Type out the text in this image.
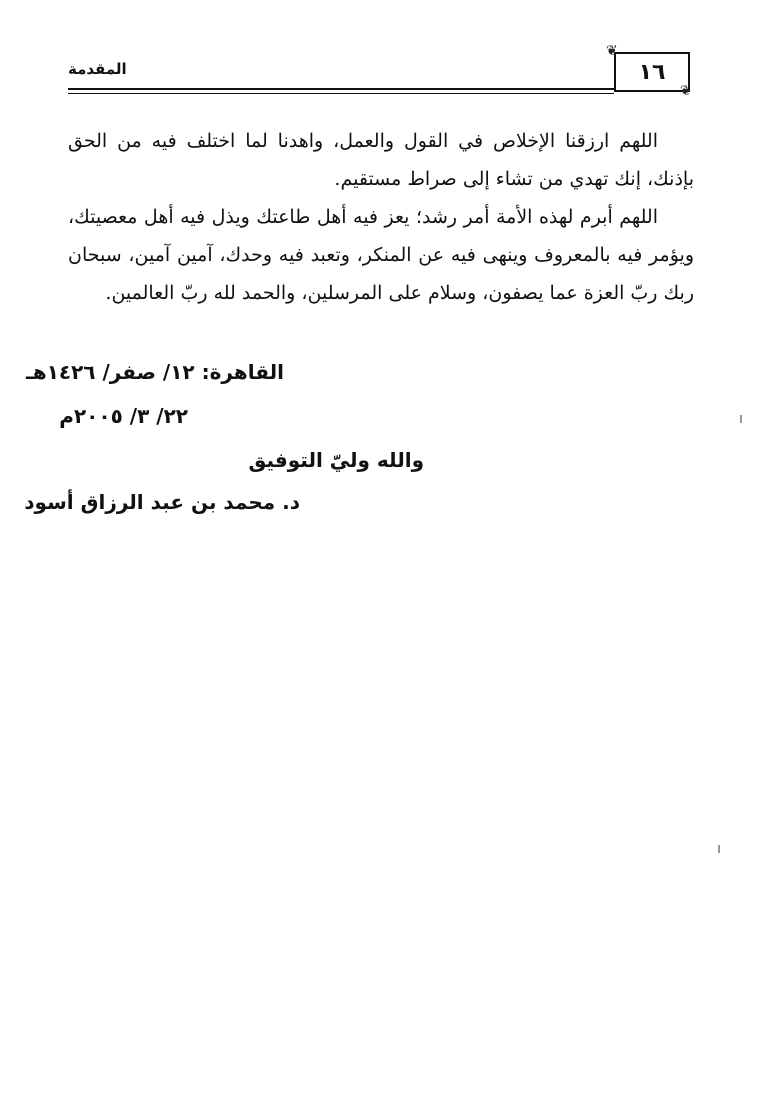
المقدمة	١٦
❦
❦

اللهم ارزقنا الإخلاص في القول والعمل، واهدنا لما اختلف فيه من الحق بإذنك، إنك تهدي من تشاء إلى صراط مستقيم.

اللهم أبرم لهذه الأمة أمر رشد؛ يعز فيه أهل طاعتك ويذل فيه أهل معصيتك، ويؤمر فيه بالمعروف وينهى فيه عن المنكر، وتعبد فيه وحدك، آمين آمين، سبحان ربك ربّ العزة عما يصفون، وسلام على المرسلين، والحمد لله ربّ العالمين.

القاهرة: ١٢/ صفر/ ١٤٢٦هـ
٢٢/ ٣/ ٢٠٠٥م
والله وليّ التوفيق
د. محمد بن عبد الرزاق أسود
